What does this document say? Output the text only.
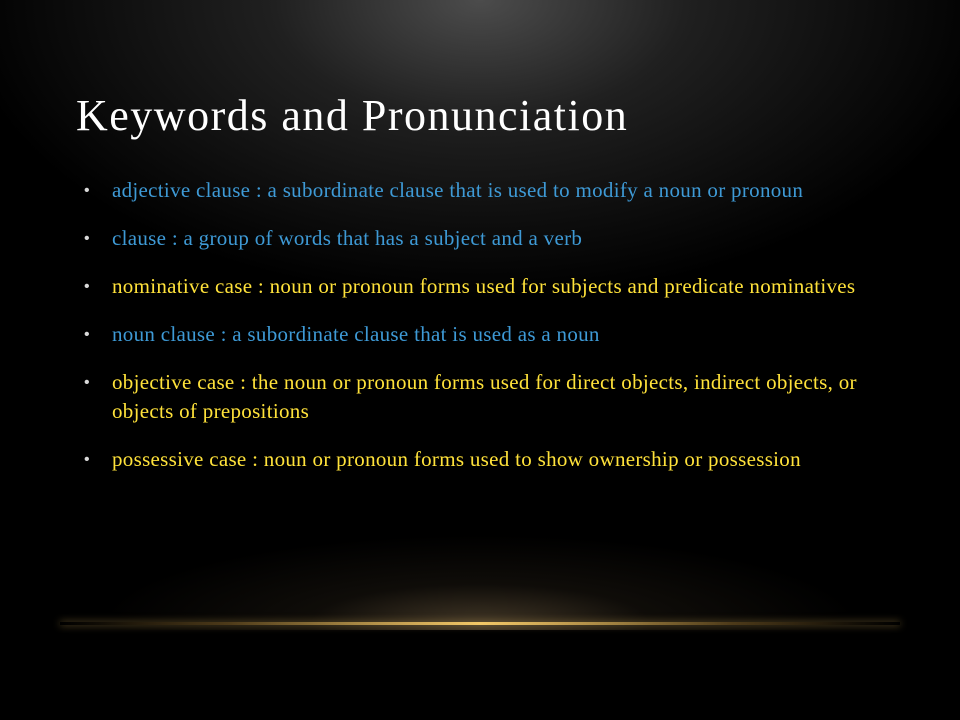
Keywords and Pronunciation
• adjective clause : a subordinate clause that is used to modify a noun or pronoun
• clause : a group of words that has a subject and a verb
• nominative case : noun or pronoun forms used for subjects and predicate nominatives
• noun clause : a subordinate clause that is used as a noun
• objective case : the noun or pronoun forms used for direct objects, indirect objects, or objects of prepositions
• possessive case : noun or pronoun forms used to show ownership or possession
